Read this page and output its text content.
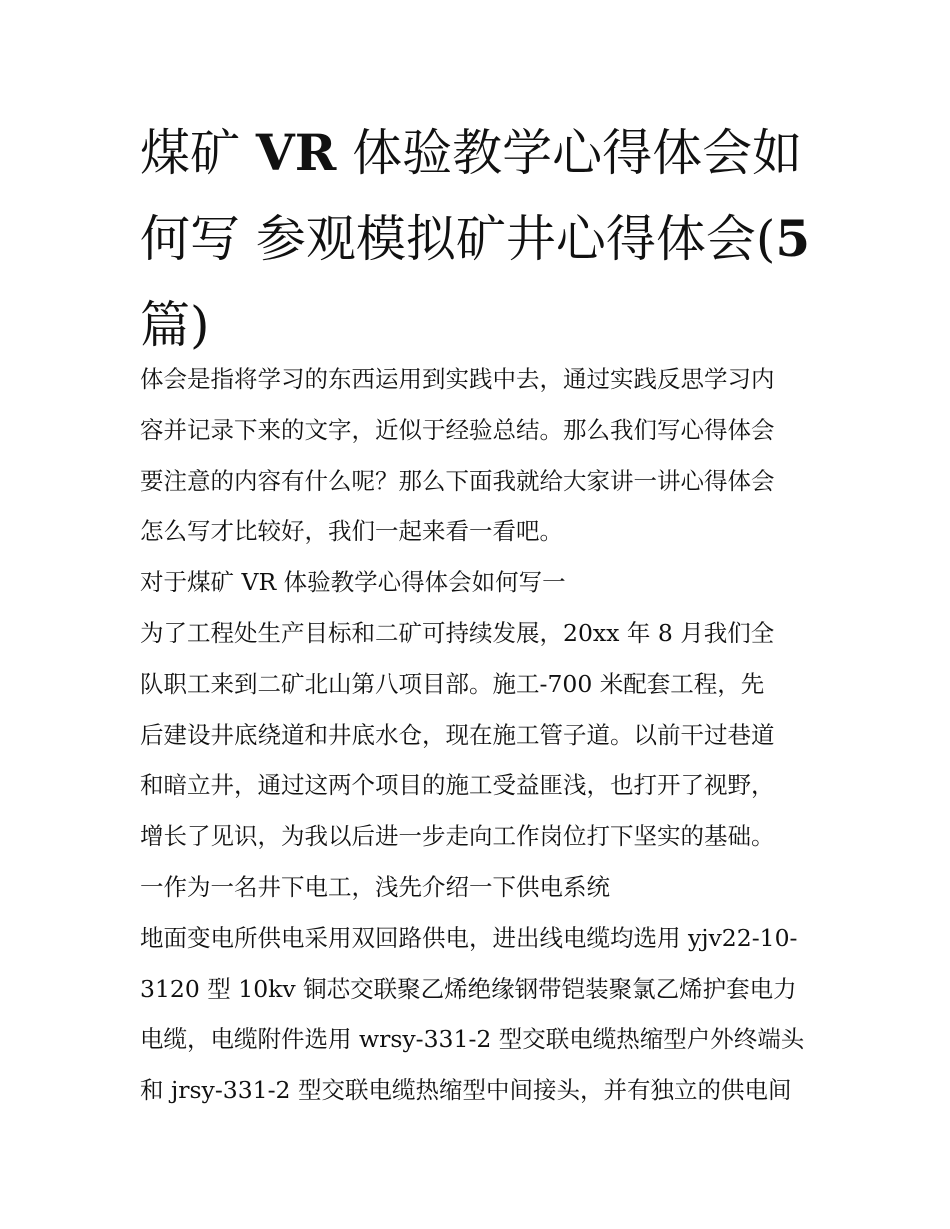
煤矿 VR 体验教学心得体会如
何写 参观模拟矿井心得体会(5
篇)
体会是指将学习的东西运用到实践中去，通过实践反思学习内
容并记录下来的文字，近似于经验总结。那么我们写心得体会
要注意的内容有什么呢？那么下面我就给大家讲一讲心得体会
怎么写才比较好，我们一起来看一看吧。
对于煤矿 VR 体验教学心得体会如何写一
为了工程处生产目标和二矿可持续发展，20xx 年 8 月我们全
队职工来到二矿北山第八项目部。施工-700 米配套工程，先
后建设井底绕道和井底水仓，现在施工管子道。以前干过巷道
和暗立井，通过这两个项目的施工受益匪浅，也打开了视野，
增长了见识，为我以后进一步走向工作岗位打下坚实的基础。
一作为一名井下电工，浅先介绍一下供电系统
地面变电所供电采用双回路供电，进出线电缆均选用 yjv22-10-
3120 型 10kv 铜芯交联聚乙烯绝缘钢带铠装聚氯乙烯护套电力
电缆，电缆附件选用 wrsy-331-2 型交联电缆热缩型户外终端头
和 jrsy-331-2 型交联电缆热缩型中间接头，并有独立的供电间
